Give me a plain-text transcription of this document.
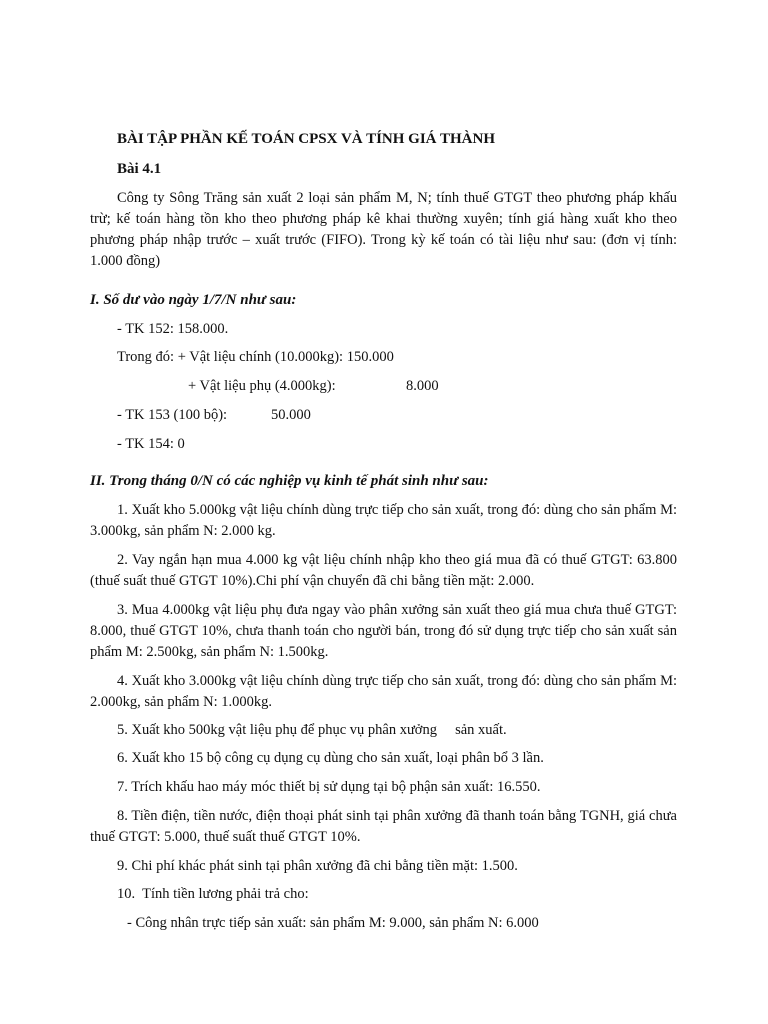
BÀI TẬP PHẦN KẾ TOÁN CPSX VÀ TÍNH GIÁ THÀNH

Bài 4.1

Công ty Sông Trăng sản xuất 2 loại sản phẩm M, N; tính thuế GTGT theo phương pháp khấu trừ; kế toán hàng tồn kho theo phương pháp kê khai thường xuyên; tính giá hàng xuất kho theo phương pháp nhập trước – xuất trước (FIFO). Trong kỳ kế toán có tài liệu như sau: (đơn vị tính: 1.000 đồng)

I. Số dư vào ngày 1/7/N như sau:

- TK 152: 158.000.

Trong đó: + Vật liệu chính (10.000kg): 150.000

+ Vật liệu phụ (4.000kg):	8.000

- TK 153 (100 bộ):	50.000

- TK 154: 0

II. Trong tháng 0/N có các nghiệp vụ kinh tế phát sinh như sau:

1. Xuất kho 5.000kg vật liệu chính dùng trực tiếp cho sản xuất, trong đó: dùng cho sản phẩm M: 3.000kg, sản phẩm N: 2.000 kg.

2. Vay ngắn hạn mua 4.000 kg vật liệu chính nhập kho theo giá mua đã có thuế GTGT: 63.800 (thuế suất thuế GTGT 10%).Chi phí vận chuyển đã chi bằng tiền mặt: 2.000.

3. Mua 4.000kg vật liệu phụ đưa ngay vào phân xưởng sản xuất theo giá mua chưa thuế GTGT: 8.000, thuế GTGT 10%, chưa thanh toán cho người bán, trong đó sử dụng trực tiếp cho sản xuất sản phẩm M: 2.500kg, sản phẩm N: 1.500kg.

4. Xuất kho 3.000kg vật liệu chính dùng trực tiếp cho sản xuất, trong đó: dùng cho sản phẩm M: 2.000kg, sản phẩm N: 1.000kg.

5. Xuất kho 500kg vật liệu phụ để phục vụ phân xưởng     sản xuất.

6. Xuất kho 15 bộ công cụ dụng cụ dùng cho sản xuất, loại phân bổ 3 lần.

7. Trích khấu hao máy móc thiết bị sử dụng tại bộ phận sản xuất: 16.550.

8. Tiền điện, tiền nước, điện thoại phát sinh tại phân xưởng đã thanh toán bằng TGNH, giá chưa thuế GTGT: 5.000, thuế suất thuế GTGT 10%.

9. Chi phí khác phát sinh tại phân xưởng đã chi bằng tiền mặt: 1.500.

10.  Tính tiền lương phải trả cho:

- Công nhân trực tiếp sản xuất: sản phẩm M: 9.000, sản phẩm N: 6.000
